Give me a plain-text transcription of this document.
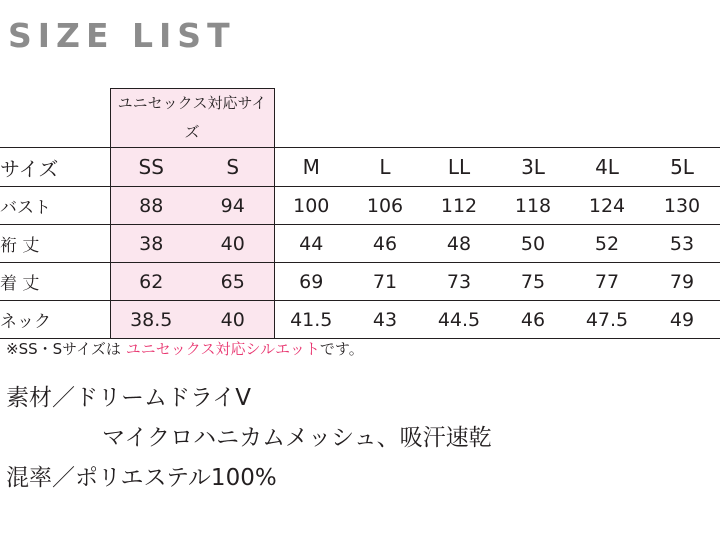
SIZE LIST
	ユニセックス対応サイズ							
サイズ	SS	S	M	L	LL	3L	4L	5L
バスト	88	94	100	106	112	118	124	130
裄 丈	38	40	44	46	48	50	52	53
着 丈	62	65	69	71	73	75	77	79
ネック	38.5	40	41.5	43	44.5	46	47.5	49
※SS・Sサイズは ユニセックス対応シルエットです。
素材／ドリームドライV
マイクロハニカムメッシュ、吸汗速乾
混率／ポリエステル100%
